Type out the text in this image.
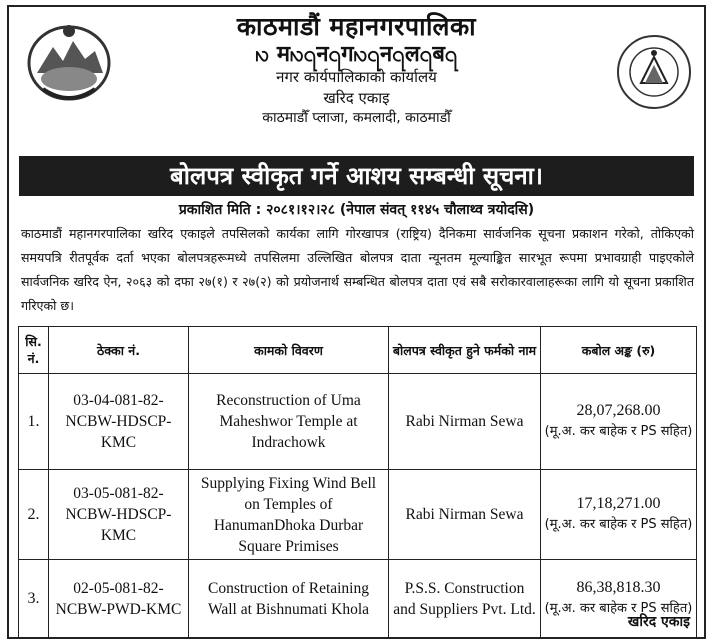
काठमाडौं महानगरपालिका
ꩳ मꩳ꩹न꩹गꩳ꩹न꩹ल꩹ब꩹
नगर कार्यपालिकाको कार्यालय
खरिद एकाइ
काठमाडौँ प्लाजा, कमलादी, काठमाडौँ
बोलपत्र स्वीकृत गर्ने आशय सम्बन्धी सूचना।
प्रकाशित मिति : २०८१।१२।२८ (नेपाल संवत् ११४५ चौलाथ्व त्रयोदसि)
काठमाडौं महानगरपालिका खरिद एकाइले तपसिलको कार्यका लागि गोरखापत्र (राष्ट्रिय) दैनिकमा सार्वजनिक सूचना प्रकाशन गरेको, तोकिएको समयपत्रि रीतपूर्वक दर्ता भएका बोलपत्रहरूमध्ये तपसिलमा उल्लिखित बोलपत्र दाता न्यूनतम मूल्याङ्कित सारभूत रूपमा प्रभावग्राही पाइएकोले सार्वजनिक खरिद ऐन, २०६३ को दफा २७(१) र २७(२) को प्रयोजनार्थ सम्बन्धित बोलपत्र दाता एवं सबै सरोकारवालाहरूका लागि यो सूचना प्रकाशित गरिएको छ।
सि. नं.	ठेक्का नं.	कामको विवरण	बोलपत्र स्वीकृत हुने फर्मको नाम	कबोल अङ्क (रु)
1.	03-04-081-82-NCBW-HDSCP-KMC	Reconstruction of Uma Maheshwor Temple at Indrachowk	Rabi Nirman Sewa	28,07,268.00
(मू.अ. कर बाहेक र PS सहित)

2.	03-05-081-82-NCBW-HDSCP-KMC	Supplying Fixing Wind Bell on Temples of HanumanDhoka Durbar Square Primises	Rabi Nirman Sewa	17,18,271.00
(मू.अ. कर बाहेक र PS सहित)

3.	02-05-081-82-NCBW-PWD-KMC	Construction of Retaining Wall at Bishnumati Khola	P.S.S. Construction and Suppliers Pvt. Ltd.	86,38,818.30
(मू.अ. कर बाहेक र PS सहित)
खरिद एकाइ
